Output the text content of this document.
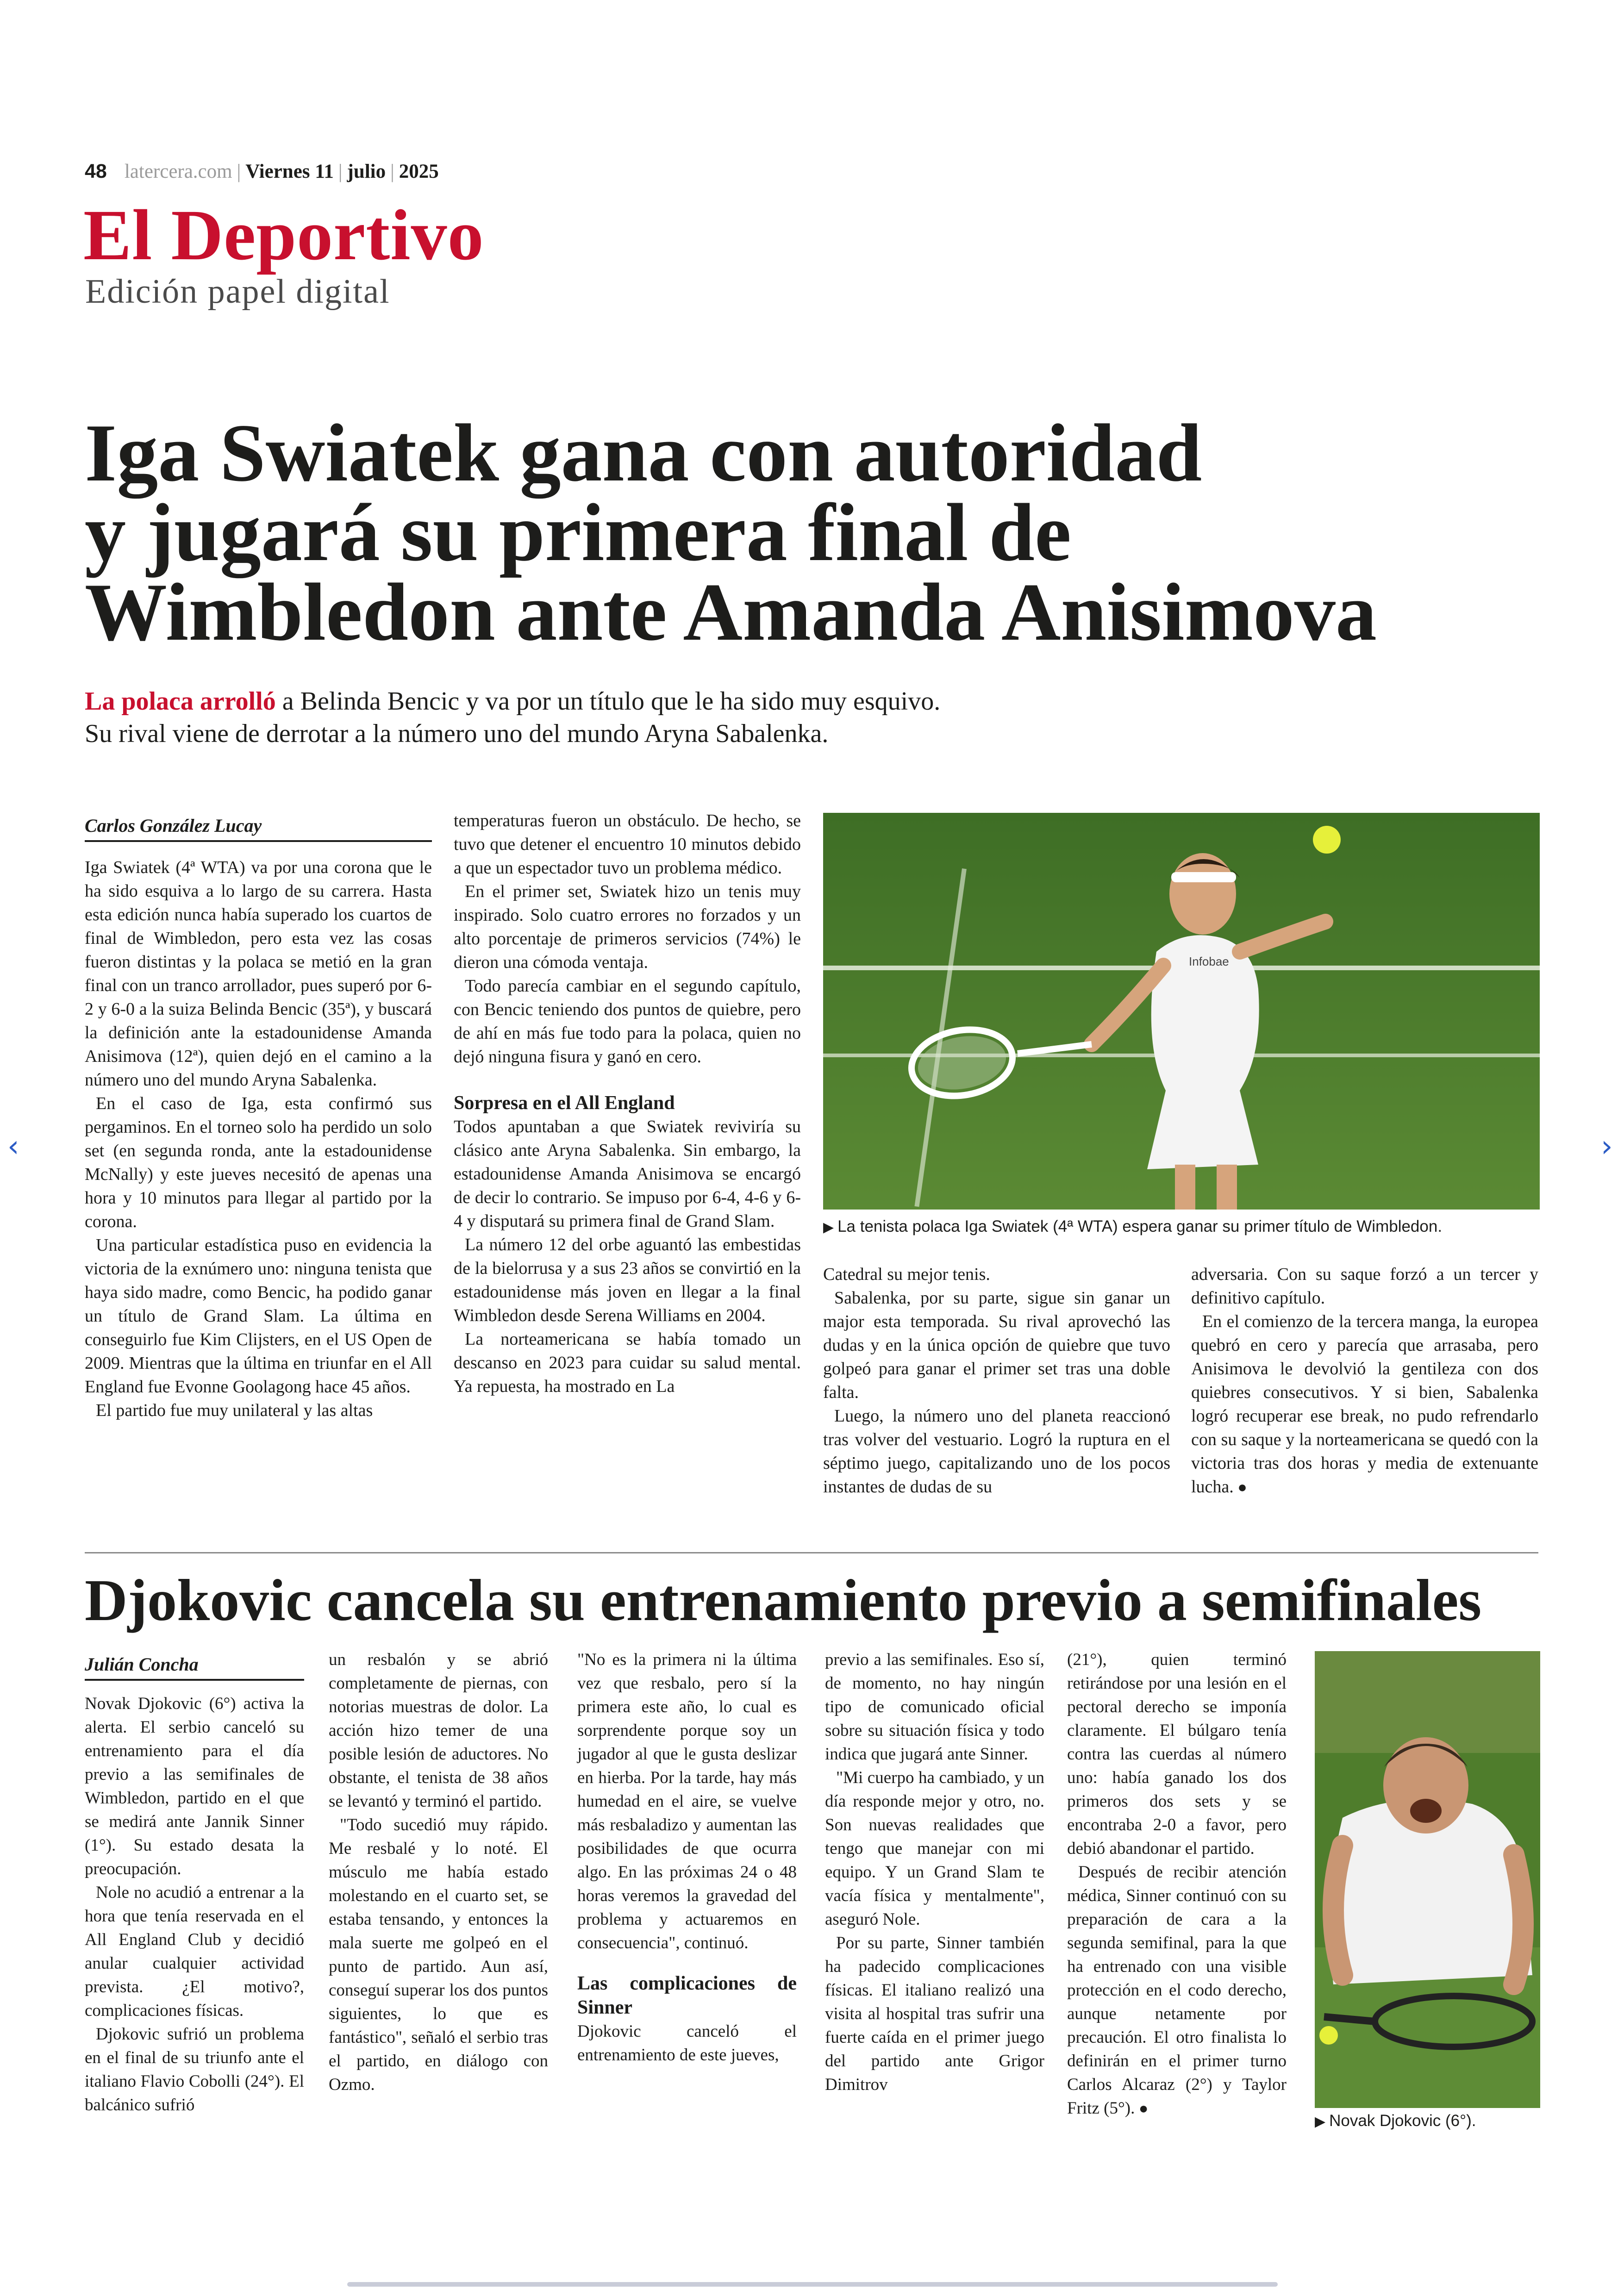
48 latercera.com | Viernes 11 | julio | 2025
El Deportivo
Edición papel digital
Iga Swiatek gana con autoridad
y jugará su primera final de
Wimbledon ante Amanda Anisimova
La polaca arrolló a Belinda Bencic y va por un título que le ha sido muy esquivo.
Su rival viene de derrotar a la número uno del mundo Aryna Sabalenka.
Carlos González Lucay

Iga Swiatek (4ª WTA) va por una corona que le ha sido esquiva a lo largo de su carrera. Hasta esta edición nunca había superado los cuartos de final de Wimbledon, pero esta vez las cosas fueron distintas y la polaca se metió en la gran final con un tranco arrollador, pues superó por 6-2 y 6-0 a la suiza Belinda Bencic (35ª), y buscará la definición ante la estadounidense Amanda Anisimova (12ª), quien dejó en el camino a la número uno del mundo Aryna Sabalenka.

En el caso de Iga, esta confirmó sus pergaminos. En el torneo solo ha perdido un solo set (en segunda ronda, ante la estadounidense McNally) y este jueves necesitó de apenas una hora y 10 minutos para llegar al partido por la corona.

Una particular estadística puso en evidencia la victoria de la exnúmero uno: ninguna tenista que haya sido madre, como Bencic, ha podido ganar un título de Grand Slam. La última en conseguirlo fue Kim Clijsters, en el US Open de 2009. Mientras que la última en triunfar en el All England fue Evonne Goolagong hace 45 años.

El partido fue muy unilateral y las altas

temperaturas fueron un obstáculo. De hecho, se tuvo que detener el encuentro 10 minutos debido a que un espectador tuvo un problema médico.

En el primer set, Swiatek hizo un tenis muy inspirado. Solo cuatro errores no forzados y un alto porcentaje de primeros servicios (74%) le dieron una cómoda ventaja.

Todo parecía cambiar en el segundo capítulo, con Bencic teniendo dos puntos de quiebre, pero de ahí en más fue todo para la polaca, quien no dejó ninguna fisura y ganó en cero.

Sorpresa en el All England

Todos apuntaban a que Swiatek reviviría su clásico ante Aryna Sabalenka. Sin embargo, la estadounidense Amanda Anisimova se encargó de decir lo contrario. Se impuso por 6-4, 4-6 y 6-4 y disputará su primera final de Grand Slam.

La número 12 del orbe aguantó las embestidas de la bielorrusa y a sus 23 años se convirtió en la estadounidense más joven en llegar a la final Wimbledon desde Serena Williams en 2004.

La norteamericana se había tomado un descanso en 2023 para cuidar su salud mental. Ya repuesta, ha mostrado en La

Infobae
▶ La tenista polaca Iga Swiatek (4ª WTA) espera ganar su primer título de Wimbledon.

Catedral su mejor tenis.

Sabalenka, por su parte, sigue sin ganar un major esta temporada. Su rival aprovechó las dudas y en la única opción de quiebre que tuvo golpeó para ganar el primer set tras una doble falta.

Luego, la número uno del planeta reaccionó tras volver del vestuario. Logró la ruptura en el séptimo juego, capitalizando uno de los pocos instantes de dudas de su

adversaria. Con su saque forzó a un tercer y definitivo capítulo.

En el comienzo de la tercera manga, la europea quebró en cero y parecía que arrasaba, pero Anisimova le devolvió la gentileza con dos quiebres consecutivos. Y si bien, Sabalenka logró recuperar ese break, no pudo refrendarlo con su saque y la norteamericana se quedó con la victoria tras dos horas y media de extenuante lucha. ●

Djokovic cancela su entrenamiento previo a semifinales
Julián Concha

Novak Djokovic (6°) activa la alerta. El serbio canceló su entrenamiento para el día previo a las semifinales de Wimbledon, partido en el que se medirá ante Jannik Sinner (1°). Su estado desata la preocupación.

Nole no acudió a entrenar a la hora que tenía reservada en el All England Club y decidió anular cualquier actividad prevista. ¿El motivo?, complicaciones físicas.

Djokovic sufrió un problema en el final de su triunfo ante el italiano Flavio Cobolli (24°). El balcánico sufrió

un resbalón y se abrió completamente de piernas, con notorias muestras de dolor. La acción hizo temer de una posible lesión de aductores. No obstante, el tenista de 38 años se levantó y terminó el partido.

"Todo sucedió muy rápido. Me resbalé y lo noté. El músculo me había estado molestando en el cuarto set, se estaba tensando, y entonces la mala suerte me golpeó en el punto de partido. Aun así, conseguí superar los dos puntos siguientes, lo que es fantástico", señaló el serbio tras el partido, en diálogo con Ozmo.

"No es la primera ni la última vez que resbalo, pero sí la primera este año, lo cual es sorprendente porque soy un jugador al que le gusta deslizar en hierba. Por la tarde, hay más humedad en el aire, se vuelve más resbaladizo y aumentan las posibilidades de que ocurra algo. En las próximas 24 o 48 horas veremos la gravedad del problema y actuaremos en consecuencia", continuó.

Las complicaciones de Sinner

Djokovic canceló el entrenamiento de este jueves,

previo a las semifinales. Eso sí, de momento, no hay ningún tipo de comunicado oficial sobre su situación física y todo indica que jugará ante Sinner.

"Mi cuerpo ha cambiado, y un día responde mejor y otro, no. Son nuevas realidades que tengo que manejar con mi equipo. Y un Grand Slam te vacía física y mentalmente", aseguró Nole.

Por su parte, Sinner también ha padecido complicaciones físicas. El italiano realizó una visita al hospital tras sufrir una fuerte caída en el primer juego del partido ante Grigor Dimitrov

(21°), quien terminó retirándose por una lesión en el pectoral derecho se imponía claramente. El búlgaro tenía contra las cuerdas al número uno: había ganado los dos primeros dos sets y se encontraba 2-0 a favor, pero debió abandonar el partido.

Después de recibir atención médica, Sinner continuó con su preparación de cara a la segunda semifinal, para la que ha entrenado con una visible protección en el codo derecho, aunque netamente por precaución. El otro finalista lo definirán en el primer turno Carlos Alcaraz (2°) y Taylor Fritz (5°). ●

▶ Novak Djokovic (6°).
‹	›
